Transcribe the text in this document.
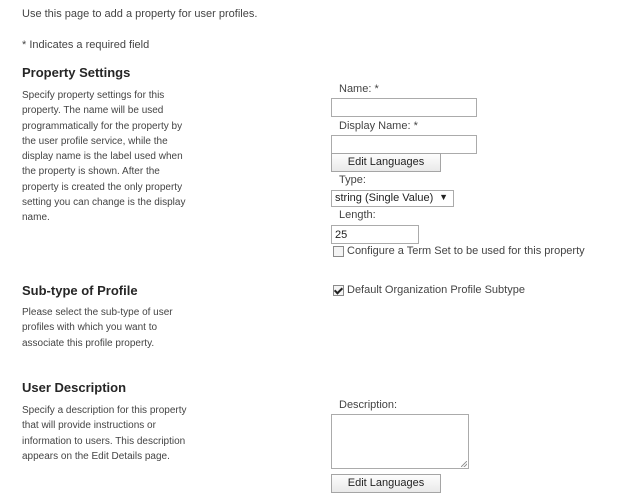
Use this page to add a property for user profiles.
* Indicates a required field
Property Settings
Specify property settings for this
property. The name will be used
programmatically for the property by
the user profile service, while the
display name is the label used when
the property is shown. After the
property is created the only property
setting you can change is the display
name.
Name: *
Display Name: *
Edit Languages
Type:
string (Single Value) ▼
Length:
25
Configure a Term Set to be used for this property
Sub-type of Profile
Please select the sub-type of user
profiles with which you want to
associate this profile property.
Default Organization Profile Subtype
User Description
Specify a description for this property
that will provide instructions or
information to users. This description
appears on the Edit Details page.
Description:
Edit Languages
